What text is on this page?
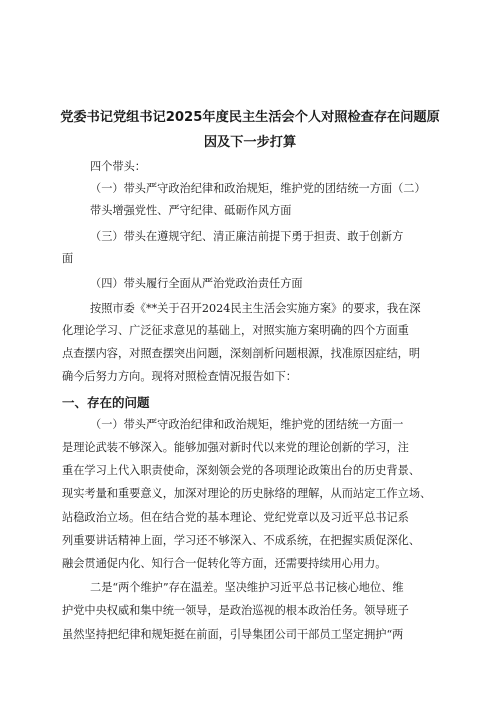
党委书记党组书记2025年度民主生活会个人对照检查存在问题原
因及下一步打算
四个带头：
（一）带头严守政治纪律和政治规矩，维护党的团结统一方面（二）
带头增强党性、严守纪律、砥砺作风方面
（三）带头在遵规守纪、清正廉洁前提下勇于担责、敢于创新方
面
（四）带头履行全面从严治党政治责任方面
按照市委《**关于召开2024民主生活会实施方案》的要求，我在深
化理论学习、广泛征求意见的基础上，对照实施方案明确的四个方面重
点查摆内容，对照查摆突出问题，深刻剖析问题根源，找准原因症结，明
确今后努力方向。现将对照检查情况报告如下：
一、存在的问题
（一）带头严守政治纪律和政治规矩，维护党的团结统一方面一
是理论武装不够深入。能够加强对新时代以来党的理论创新的学习，注
重在学习上代入职责使命，深刻领会党的各项理论政策出台的历史背景、
现实考量和重要意义，加深对理论的历史脉络的理解，从而站定工作立场、
站稳政治立场。但在结合党的基本理论、党纪党章以及习近平总书记系
列重要讲话精神上面，学习还不够深入、不成系统，在把握实质促深化、
融会贯通促内化、知行合一促转化等方面，还需要持续用心用力。
二是“两个维护”存在温差。坚决维护习近平总书记核心地位、维
护党中央权威和集中统一领导，是政治巡视的根本政治任务。领导班子
虽然坚持把纪律和规矩挺在前面，引导集团公司干部员工坚定拥护“两
